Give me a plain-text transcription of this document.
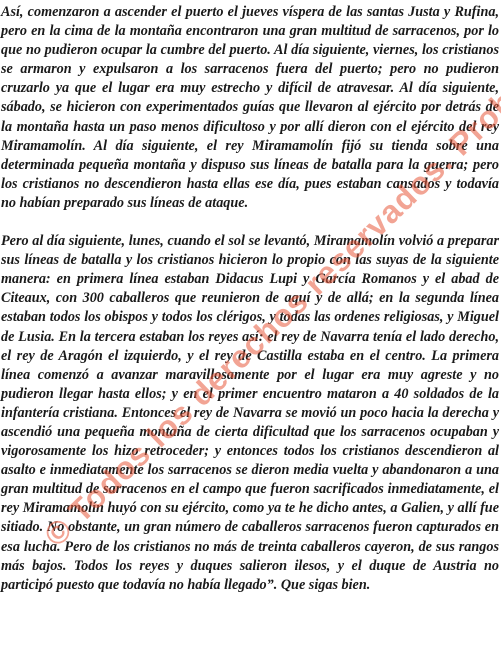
Así, comenzaron a ascender el puerto el jueves víspera de las santas Justa y Rufina, pero en la cima de la montaña encontraron una gran multitud de sarracenos, por lo que no pudieron ocupar la cumbre del puerto. Al día siguiente, viernes, los cristianos se armaron y expulsaron a los sarracenos fuera del puerto; pero no pudieron cruzarlo ya que el lugar era muy estrecho y difícil de atravesar. Al día siguiente, sábado, se hicieron con experimentados guías que llevaron al ejército por detrás de la montaña hasta un paso menos dificultoso y por allí dieron con el ejército del rey Miramamolín. Al día siguiente, el rey Miramamolín fijó su tienda sobre una determinada pequeña montaña y dispuso sus líneas de batalla para la guerra; pero los cristianos no descendieron hasta ellas ese día, pues estaban cansados y todavía no habían preparado sus líneas de ataque.

Pero al día siguiente, lunes, cuando el sol se levantó, Miramamolín volvió a preparar sus líneas de batalla y los cristianos hicieron lo propio con las suyas de la siguiente manera: en primera línea estaban Didacus Lupi y García Romanos y el abad de Citeaux, con 300 caballeros que reunieron de aquí y de allá; en la segunda línea estaban todos los obispos y todos los clérigos, y todas las ordenes religiosas, y Miguel de Lusia. En la tercera estaban los reyes así: el rey de Navarra tenía el lado derecho, el rey de Aragón el izquierdo, y el rey de Castilla estaba en el centro. La primera línea comenzó a avanzar maravillosamente por el lugar era muy agreste y no pudieron llegar hasta ellos; y en el primer encuentro mataron a 40 soldados de la infantería cristiana. Entonces el rey de Navarra se movió un poco hacia la derecha y ascendió una pequeña montaña de cierta dificultad que los sarracenos ocupaban y vigorosamente los hizo retroceder; y entonces todos los cristianos descendieron al asalto e inmediatamente los sarracenos se dieron media vuelta y abandonaron a una gran multitud de sarracenos en el campo que fueron sacrificados inmediatamente, el rey Miramamolín huyó con su ejército, como ya te he dicho antes, a Galien, y allí fue sitiado. No obstante, un gran número de caballeros sarracenos fueron capturados en esa lucha. Pero de los cristianos no más de treinta caballeros cayeron, de sus rangos más bajos. Todos los reyes y duques salieron ilesos, y el duque de Austria no participó puesto que todavía no había llegado”. Que sigas bien.
